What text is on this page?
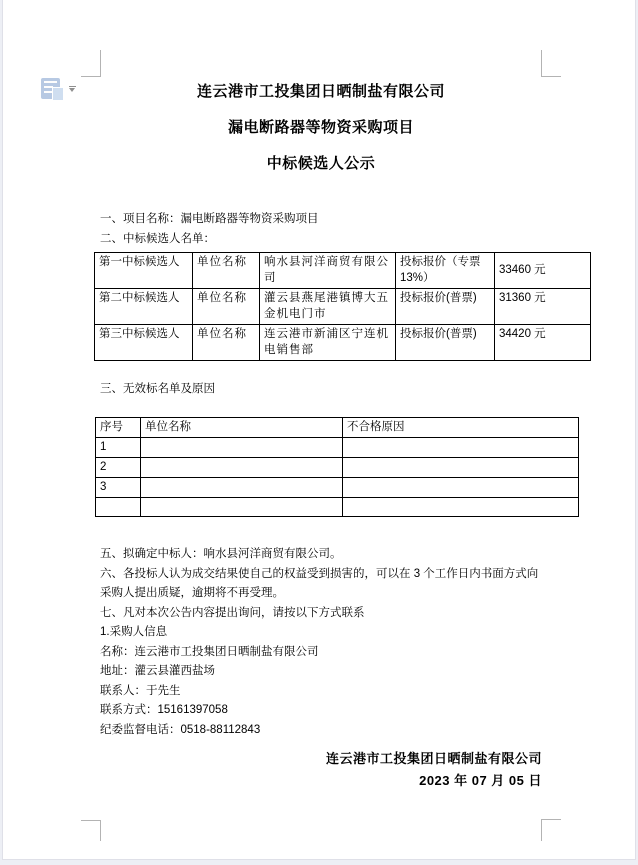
连云港市工投集团日晒制盐有限公司
漏电断路器等物资采购项目
中标候选人公示

一、项目名称：漏电断路器等物资采购项目

二、中标候选人名单：

第一中标候选人	单位名称	响水县河洋商贸有限公司	投标报价（专票13%）	33460 元
第二中标候选人	单位名称	灌云县燕尾港镇博大五金机电门市	投标报价(普票)	31360 元
第三中标候选人	单位名称	连云港市新浦区宁连机电销售部	投标报价(普票)	34420 元

三、无效标名单及原因

序号	单位名称	不合格原因
1		
2		
3		

五、拟确定中标人：响水县河洋商贸有限公司。

六、各投标人认为成交结果使自己的权益受到损害的，可以在 3 个工作日内书面方式向采购人提出质疑，逾期将不再受理。

七、凡对本次公告内容提出询问，请按以下方式联系

1.采购人信息

名称：连云港市工投集团日晒制盐有限公司

地址：灌云县灌西盐场

联系人：于先生

联系方式：15161397058

纪委监督电话：0518-88112843

连云港市工投集团日晒制盐有限公司

2023 年 07 月 05 日
